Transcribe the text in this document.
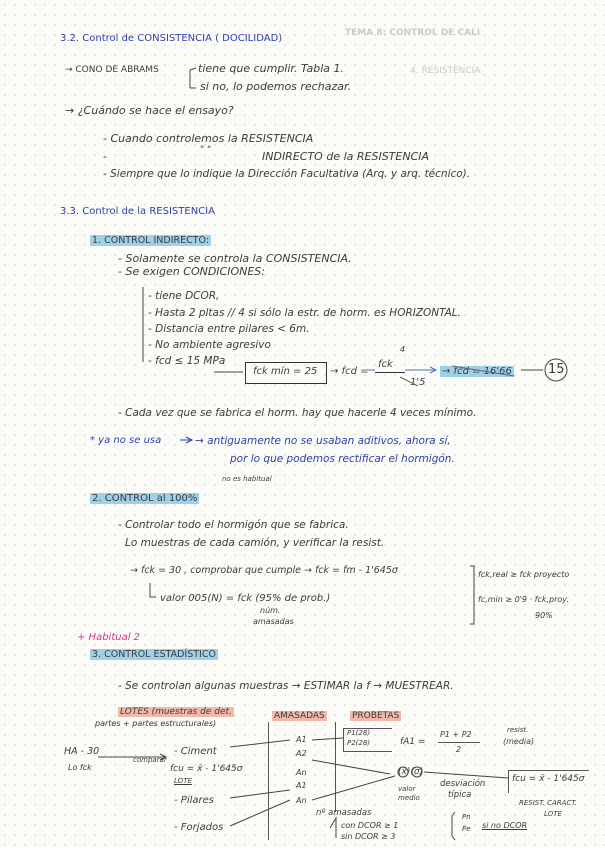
TEMA 8: CONTROL DE CALI
4. RESISTENCIA
3.2. Control de CONSISTENCIA ( DOCILIDAD)
→ CONO DE ABRAMS	tiene que cumplir. Tabla 1.
si no, lo podemos rechazar.
→ ¿Cuándo se hace el ensayo?
- Cuando controlemos la RESISTENCIA
-	" "	INDIRECTO de la RESISTENCIA
- Siempre que lo indique la Dirección Facultativa (Arq. y arq. técnico).
3.3. Control de la RESISTENCIA
1. CONTROL INDIRECTO:
- Solamente se controla la CONSISTENCIA.
- Se exigen CONDICIONES:
- tiene DCOR,
- Hasta 2 pltas // 4 si sólo la estr. de horm. es HORIZONTAL.
- Distancia entre pilares < 6m.
- No ambiente agresivo
- fcd ≤ 15 MPa
fck mín = 25 → fcd =
fck
1'5
4
→ fcd = 16'66	15
- Cada vez que se fabrica el horm. hay que hacerle 4 veces mínimo.
* ya no se usa	→ antiguamente no se usaban aditivos, ahora sí,
por lo que podemos rectificar el hormigón.
no es habitual
2. CONTROL al 100%
- Controlar todo el hormigón que se fabrica.
Lo muestras de cada camión, y verificar la resist.
→ fck = 30 , comprobar que cumple → fck = fm - 1'645σ
valor 005(N) = fck (95% de prob.)
núm.
amasadas
fck,real ≥ fck proyecto
fc,min ≥ 0'9 · fck,proy.
90%
+ Habitual 2
3. CONTROL ESTADÍSTICO
- Se controlan algunas muestras → ESTIMAR la f → MUESTREAR.
LOTES (muestras de det.
partes + partes estructurales)
AMASADAS	PROBETAS
HA - 30
Lo fck
comparar
- Ciment
fcu = x̄ - 1'645σ
LOTE
- Pilares
- Forjados
A1
A2
An
A1
An
P1(28)
P2(28)	fA1 =
P1 + P2
2
resist.
(media)
(x̄)(σ)
valor
medio
desviación
típica
fcu = x̄ - 1'645σ
RESIST. CARACT.
LOTE
nº amasadas
con DCOR ≥ 1
sin DCOR ≥ 3
Pn
Pe si no DCOR
